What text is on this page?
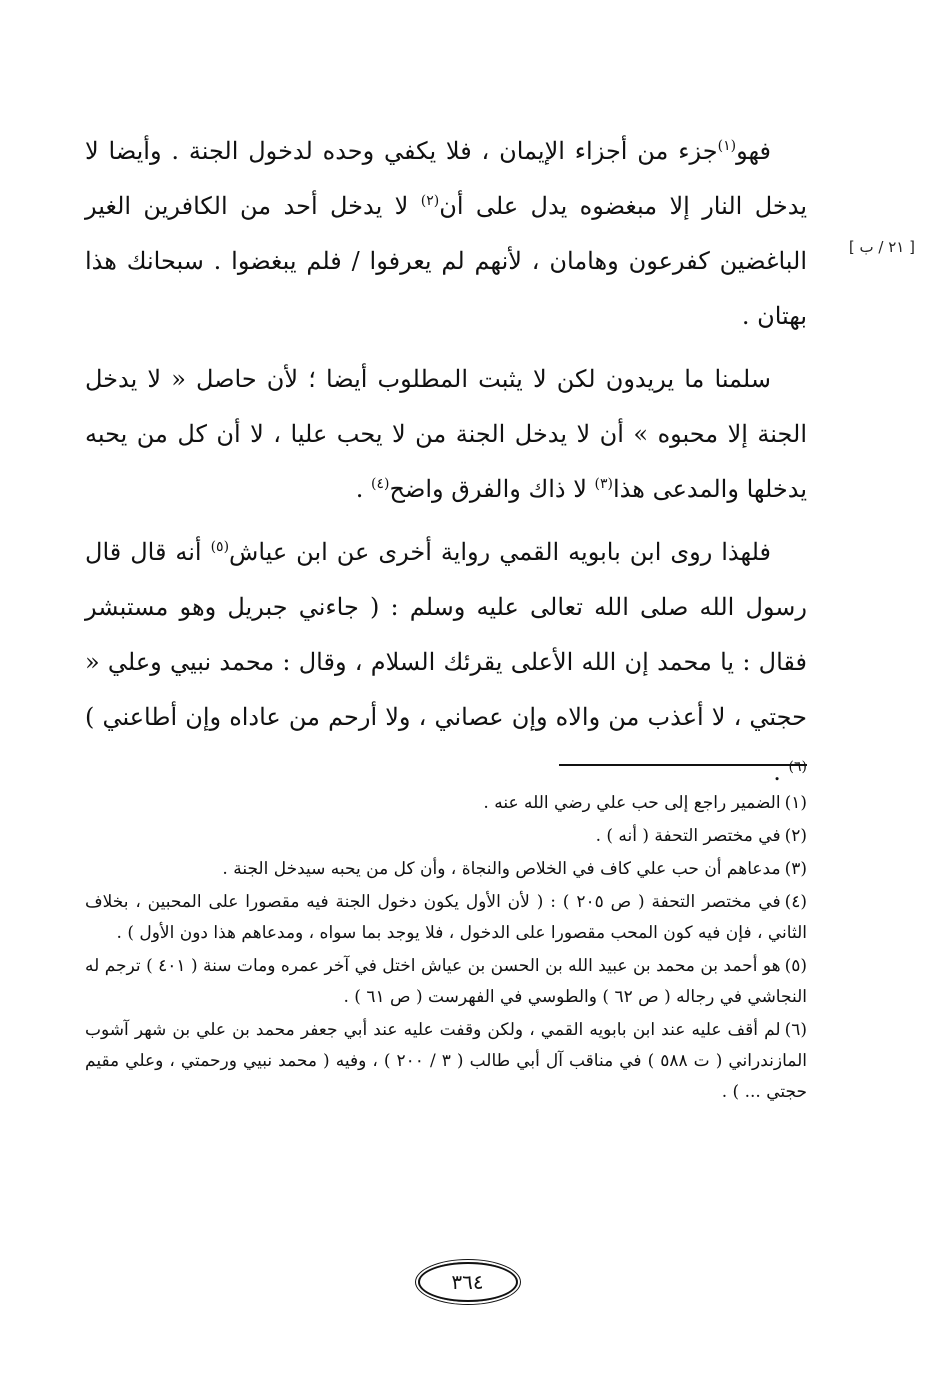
[ ٢١ / ب ]

فهو$^{(١)}$جزء من أجزاء الإيمان ، فلا يكفي وحده لدخول الجنة . وأيضا لا يدخل النار إلا مبغضوه يدل على أن$^{(٢)}$ لا يدخل أحد من الكافرين الغير الباغضين كفرعون وهامان ، لأنهم لم يعرفوا / فلم يبغضوا . سبحانك هذا بهتان .

سلمنا ما يريدون لكن لا يثبت المطلوب أيضا ؛ لأن حاصل « لا يدخل الجنة إلا محبوه » أن لا يدخل الجنة من لا يحب عليا ، لا أن كل من يحبه يدخلها والمدعى هذا$^{(٣)}$ لا ذاك والفرق واضح$^{(٤)}$ .

فلهذا روى ابن بابويه القمي رواية أخرى عن ابن عياش$^{(٥)}$ أنه قال قال رسول الله صلى الله تعالى عليه وسلم : ( جاءني جبريل وهو مستبشر فقال : يا محمد إن الله الأعلى يقرئك السلام ، وقال : محمد نبيي وعلي « حجتي ، لا أعذب من والاه وإن عصاني ، ولا أرحم من عاداه وإن أطاعني )$^{(٦)}$ .

(١)الضمير راجع إلى حب علي رضي الله عنه .
(٢)في مختصر التحفة ( أنه ) .
(٣)مدعاهم أن حب علي كاف في الخلاص والنجاة ، وأن كل من يحبه سيدخل الجنة .
(٤)في مختصر التحفة ( ص ٢٠٥ ) : ( لأن الأول يكون دخول الجنة فيه مقصورا على المحبين ، بخلاف الثاني ، فإن فيه كون المحب مقصورا على الدخول ، فلا يوجد بما سواه ، ومدعاهم هذا دون الأول ) .
(٥)هو أحمد بن محمد بن عبيد الله بن الحسن بن عياش اختل في آخر عمره ومات سنة ( ٤٠١ ) ترجم له النجاشي في رجاله ( ص ٦٢ ) والطوسي في الفهرست ( ص ٦١ ) .
(٦)لم أقف عليه عند ابن بابويه القمي ، ولكن وقفت عليه عند أبي جعفر محمد بن علي بن شهر آشوب المازندراني ( ت ٥٨٨ ) في مناقب آل أبي طالب ( ٣ / ٢٠٠ ) ، وفيه ( محمد نبيي ورحمتي ، وعلي مقيم حجتي ... ) .
٣٦٤
